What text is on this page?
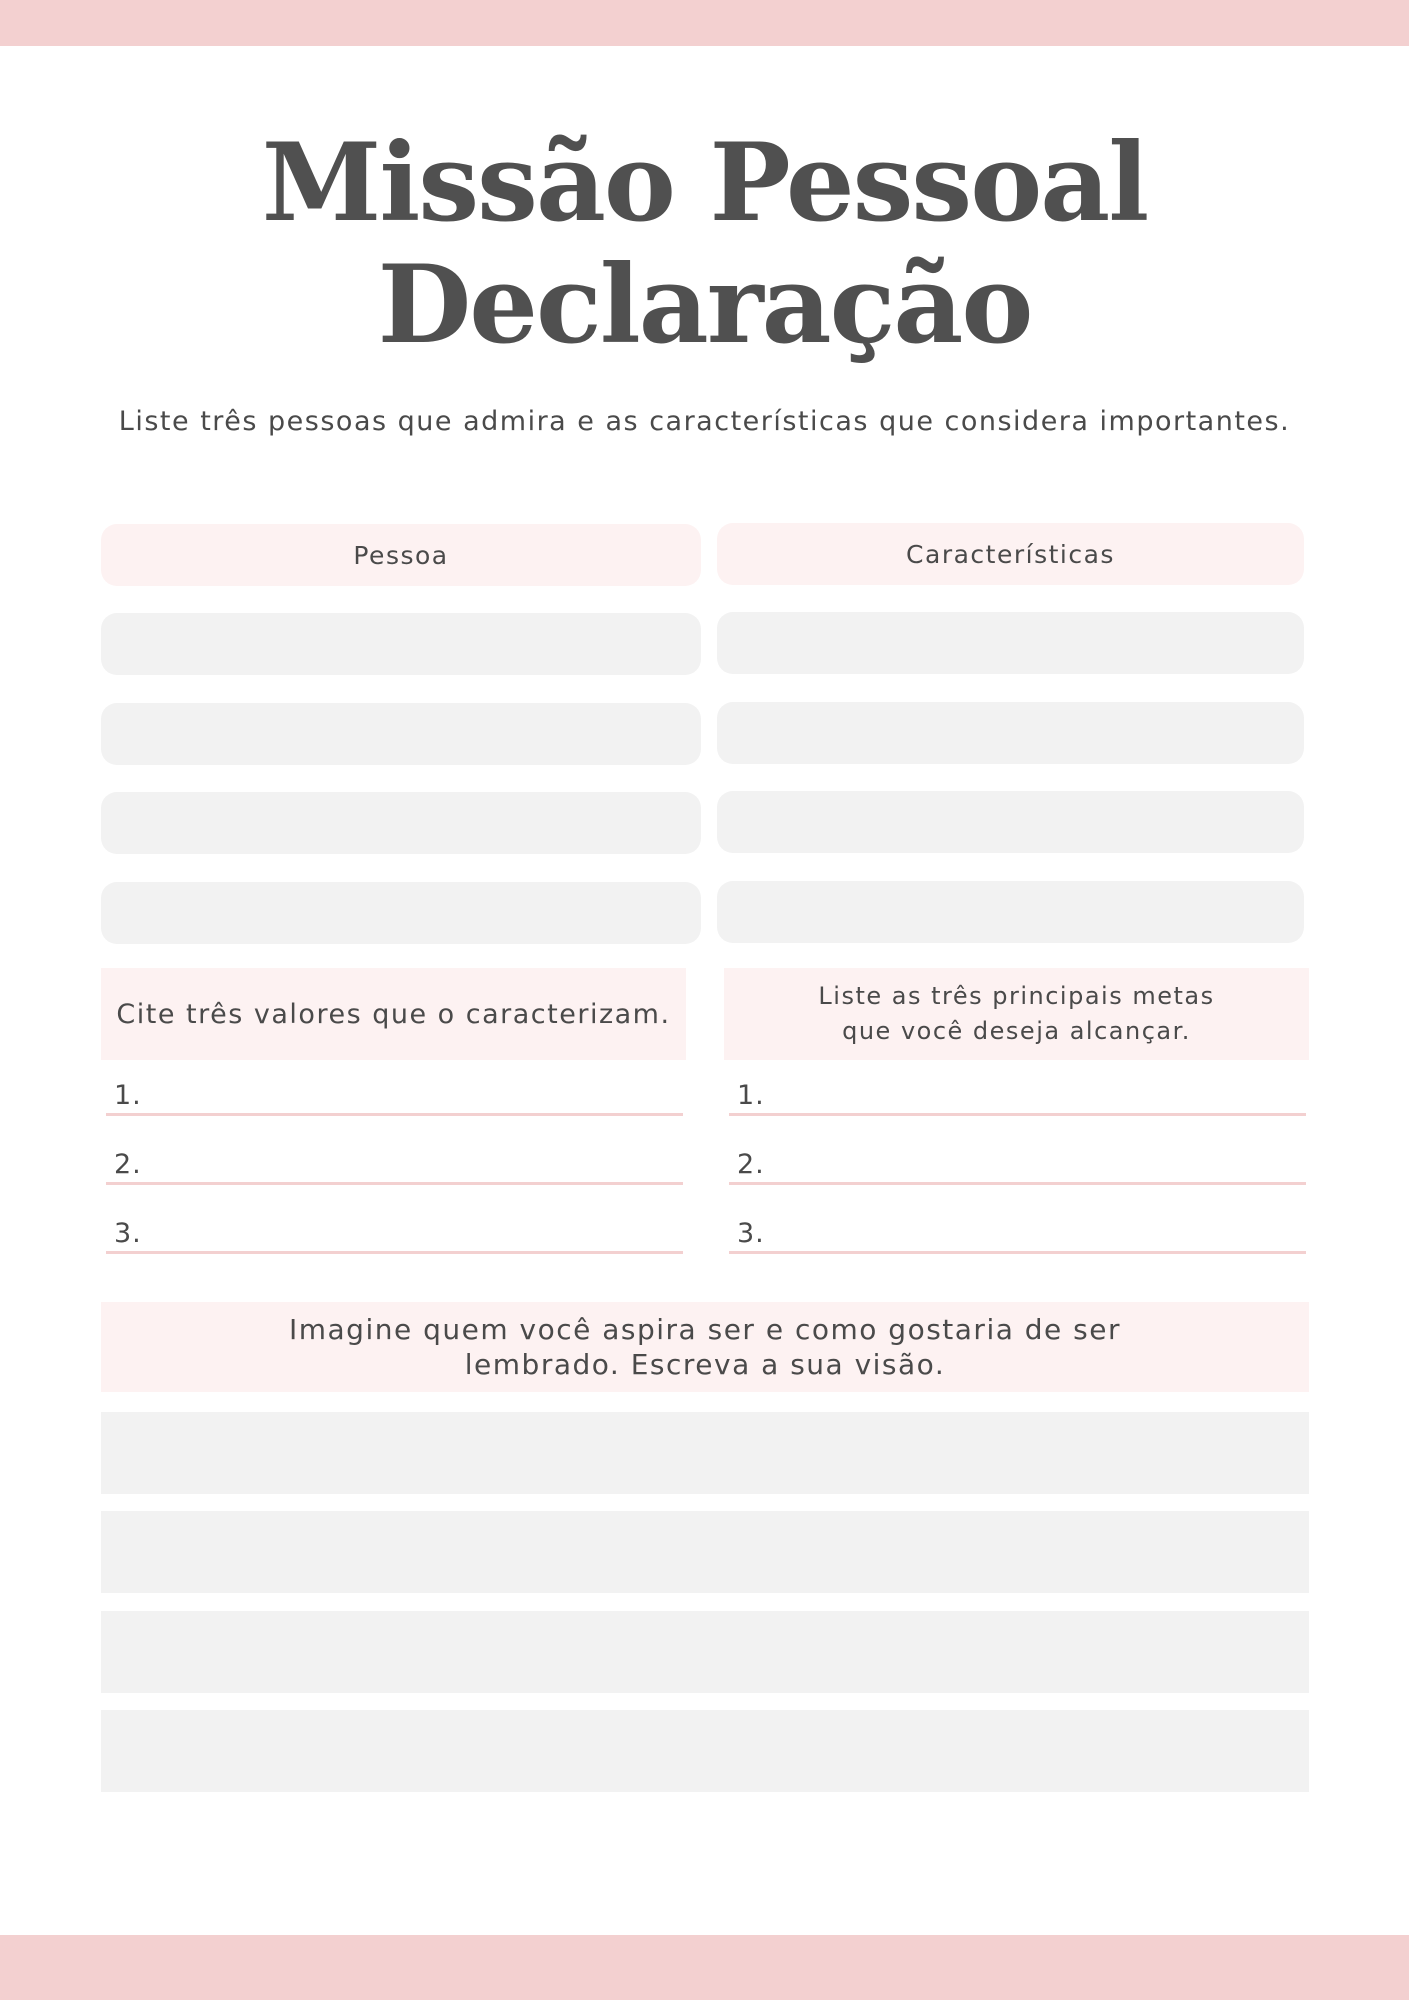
Missão Pessoal
Declaração
Liste três pessoas que admira e as características que considera importantes.
Pessoa	Características
Cite três valores que o caracterizam.
Liste as três principais metas
que você deseja alcançar.
1.
2.
3.
1.
2.
3.
Imagine quem você aspira ser e como gostaria de ser
lembrado. Escreva a sua visão.
